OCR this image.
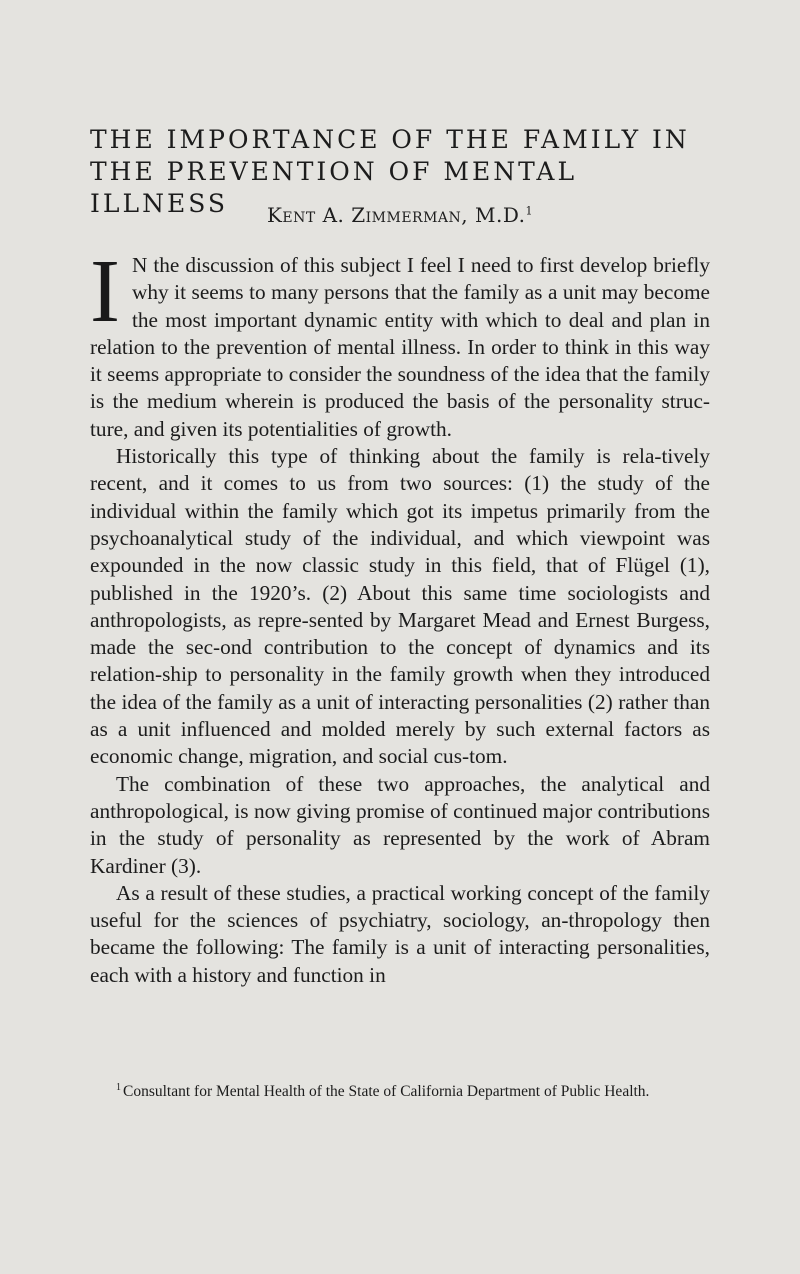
THE IMPORTANCE OF THE FAMILY IN
THE PREVENTION OF MENTAL ILLNESS	Kent A. Zimmerman, M.D.$^1$

I N the discussion of this subject I feel I need to first develop briefly why it seems to many persons that the family as a unit may become the most important dynamic entity with which to deal and plan in relation to the prevention of mental illness. In order to think in this way it seems appropriate to consider the soundness of the idea that the family is the medium wherein is produced the basis of the personality struc-ture, and given its potentialities of growth.

Historically this type of thinking about the family is rela-tively recent, and it comes to us from two sources: (1) the study of the individual within the family which got its impetus primarily from the psychoanalytical study of the individual, and which viewpoint was expounded in the now classic study in this field, that of Flügel (1), published in the 1920’s. (2) About this same time sociologists and anthropologists, as repre-sented by Margaret Mead and Ernest Burgess, made the sec-ond contribution to the concept of dynamics and its relation-ship to personality in the family growth when they introduced the idea of the family as a unit of interacting personalities (2) rather than as a unit influenced and molded merely by such external factors as economic change, migration, and social cus-tom.

The combination of these two approaches, the analytical and anthropological, is now giving promise of continued major contributions in the study of personality as represented by the work of Abram Kardiner (3).

As a result of these studies, a practical working concept of the family useful for the sciences of psychiatry, sociology, an-thropology then became the following: The family is a unit of interacting personalities, each with a history and function in

$^1$ Consultant for Mental Health of the State of California Department of Public Health.
